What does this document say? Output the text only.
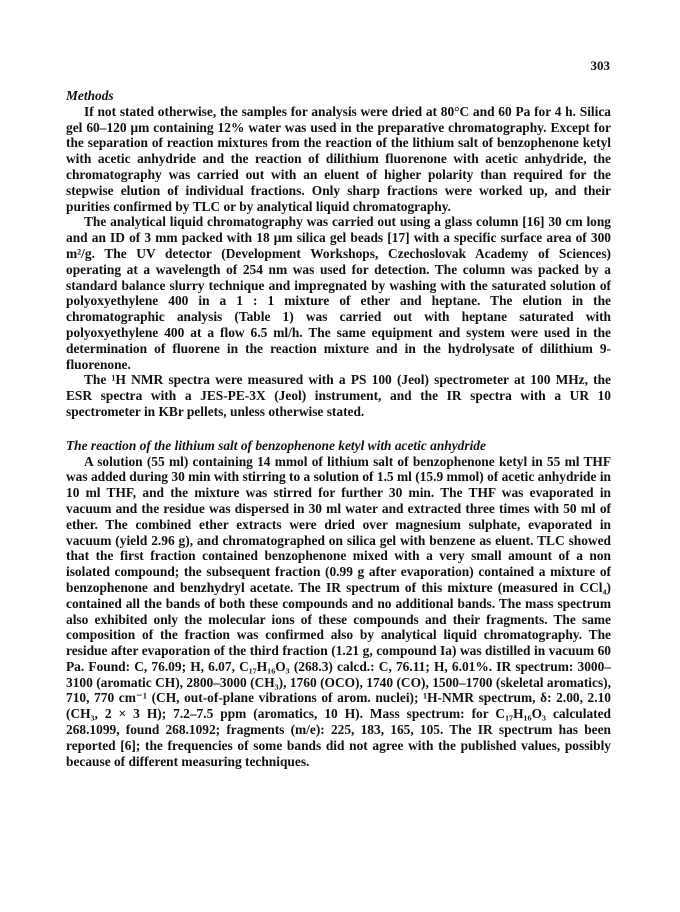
303
Methods

If not stated otherwise, the samples for analysis were dried at 80°C and 60 Pa for 4 h. Silica gel 60–120 μm containing 12% water was used in the preparative chromatography. Except for the separation of reaction mixtures from the reaction of the lithium salt of benzophenone ketyl with acetic anhydride and the reaction of dilithium fluorenone with acetic anhydride, the chromatography was carried out with an eluent of higher polarity than required for the stepwise elution of individual fractions. Only sharp fractions were worked up, and their purities confirmed by TLC or by analytical liquid chromatography.

The analytical liquid chromatography was carried out using a glass column [16] 30 cm long and an ID of 3 mm packed with 18 μm silica gel beads [17] with a specific surface area of 300 m²/g. The UV detector (Development Workshops, Czechoslovak Academy of Sciences) operating at a wavelength of 254 nm was used for detection. The column was packed by a standard balance slurry technique and impregnated by washing with the saturated solution of polyoxyethylene 400 in a 1 : 1 mixture of ether and heptane. The elution in the chromatographic analysis (Table 1) was carried out with heptane saturated with polyoxyethylene 400 at a flow 6.5 ml/h. The same equipment and system were used in the determination of fluorene in the reaction mixture and in the hydrolysate of dilithium 9-fluorenone.

The ¹H NMR spectra were measured with a PS 100 (Jeol) spectrometer at 100 MHz, the ESR spectra with a JES-PE-3X (Jeol) instrument, and the IR spectra with a UR 10 spectrometer in KBr pellets, unless otherwise stated.

The reaction of the lithium salt of benzophenone ketyl with acetic anhydride

A solution (55 ml) containing 14 mmol of lithium salt of benzophenone ketyl in 55 ml THF was added during 30 min with stirring to a solution of 1.5 ml (15.9 mmol) of acetic anhydride in 10 ml THF, and the mixture was stirred for further 30 min. The THF was evaporated in vacuum and the residue was dispersed in 30 ml water and extracted three times with 50 ml of ether. The combined ether extracts were dried over magnesium sulphate, evaporated in vacuum (yield 2.96 g), and chromatographed on silica gel with benzene as eluent. TLC showed that the first fraction contained benzophenone mixed with a very small amount of a non isolated compound; the subsequent fraction (0.99 g after evaporation) contained a mixture of benzophenone and benzhydryl acetate. The IR spectrum of this mixture (measured in CCl₄) contained all the bands of both these compounds and no additional bands. The mass spectrum also exhibited only the molecular ions of these compounds and their fragments. The same composition of the fraction was confirmed also by analytical liquid chromatography. The residue after evaporation of the third fraction (1.21 g, compound Ia) was distilled in vacuum 60 Pa. Found: C, 76.09; H, 6.07, C₁₇H₁₆O₃ (268.3) calcd.: C, 76.11; H, 6.01%. IR spectrum: 3000–3100 (aromatic CH), 2800–3000 (CH₃), 1760 (OCO), 1740 (CO), 1500–1700 (skeletal aromatics), 710, 770 cm⁻¹ (CH, out-of-plane vibrations of arom. nuclei); ¹H-NMR spectrum, δ: 2.00, 2.10 (CH₃, 2 × 3 H); 7.2–7.5 ppm (aromatics, 10 H). Mass spectrum: for C₁₇H₁₆O₃ calculated 268.1099, found 268.1092; fragments (m/e): 225, 183, 165, 105. The IR spectrum has been reported [6]; the frequencies of some bands did not agree with the published values, possibly because of different measuring techniques.
